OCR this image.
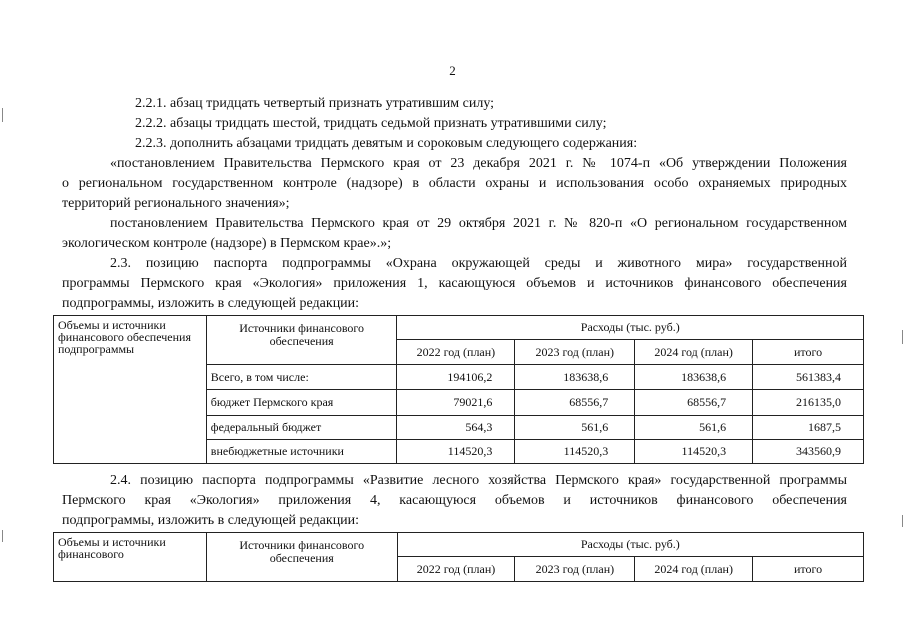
2
2.2.1. абзац тридцать четвертый признать утратившим силу;
2.2.2. абзацы тридцать шестой, тридцать седьмой признать утратившими силу;
2.2.3. дополнить абзацами тридцать девятым и сороковым следующего содержания:
«постановлением Правительства Пермского края от 23 декабря 2021 г. № 1074-п «Об утверждении Положения
о региональном государственном контроле (надзоре) в области охраны и использования особо охраняемых природных
территорий регионального значения»;
постановлением Правительства Пермского края от 29 октября 2021 г. № 820-п «О региональном государственном
экологическом контроле (надзоре) в Пермском крае».»;
2.3. позицию паспорта подпрограммы «Охрана окружающей среды и животного мира» государственной
программы Пермского края «Экология» приложения 1, касающуюся объемов и источников финансового обеспечения
подпрограммы, изложить в следующей редакции:
Объемы и источники финансового обеспечения подпрограммы	Источники финансового обеспечения	Расходы (тыс. руб.)			
		2022 год (план)	2023 год (план)	2024 год (план)	итого
	Всего, в том числе:	194106,2	183638,6	183638,6	561383,4
	бюджет Пермского края	79021,6	68556,7	68556,7	216135,0
	федеральный бюджет	564,3	561,6	561,6	1687,5
	внебюджетные источники	114520,3	114520,3	114520,3	343560,9
2.4. позицию паспорта подпрограммы «Развитие лесного хозяйства Пермского края» государственной программы
Пермского края «Экология» приложения 4, касающуюся объемов и источников финансового обеспечения
подпрограммы, изложить в следующей редакции:
Объемы и источники финансового	Источники финансового обеспечения	Расходы (тыс. руб.)			
		2022 год (план)	2023 год (план)	2024 год (план)	итого
